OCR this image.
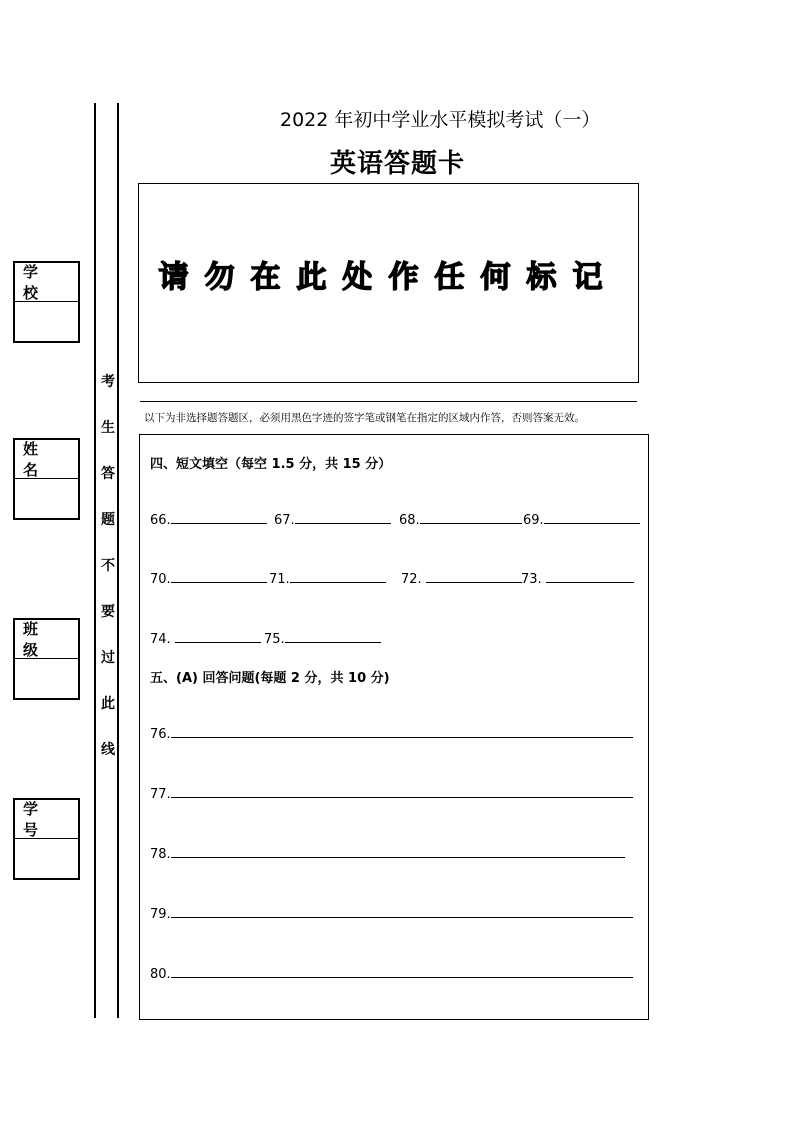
学 校
姓 名
班 级
学 号
考
生
答
题
不
要
过
此
线
2022 年初中学业水平模拟考试（一）
英语答题卡
请勿在此处作任何标记
以下为非选择题答题区，必须用黑色字迹的签字笔或钢笔在指定的区域内作答，否则答案无效。
四、短文填空（每空 1.5 分，共 15 分）
66.	67.	68.	69.
70.	71.	72.	73.
74.	75.
五、(A) 回答问题(每题 2 分，共 10 分)
76.
77.
78.
79.
80.
